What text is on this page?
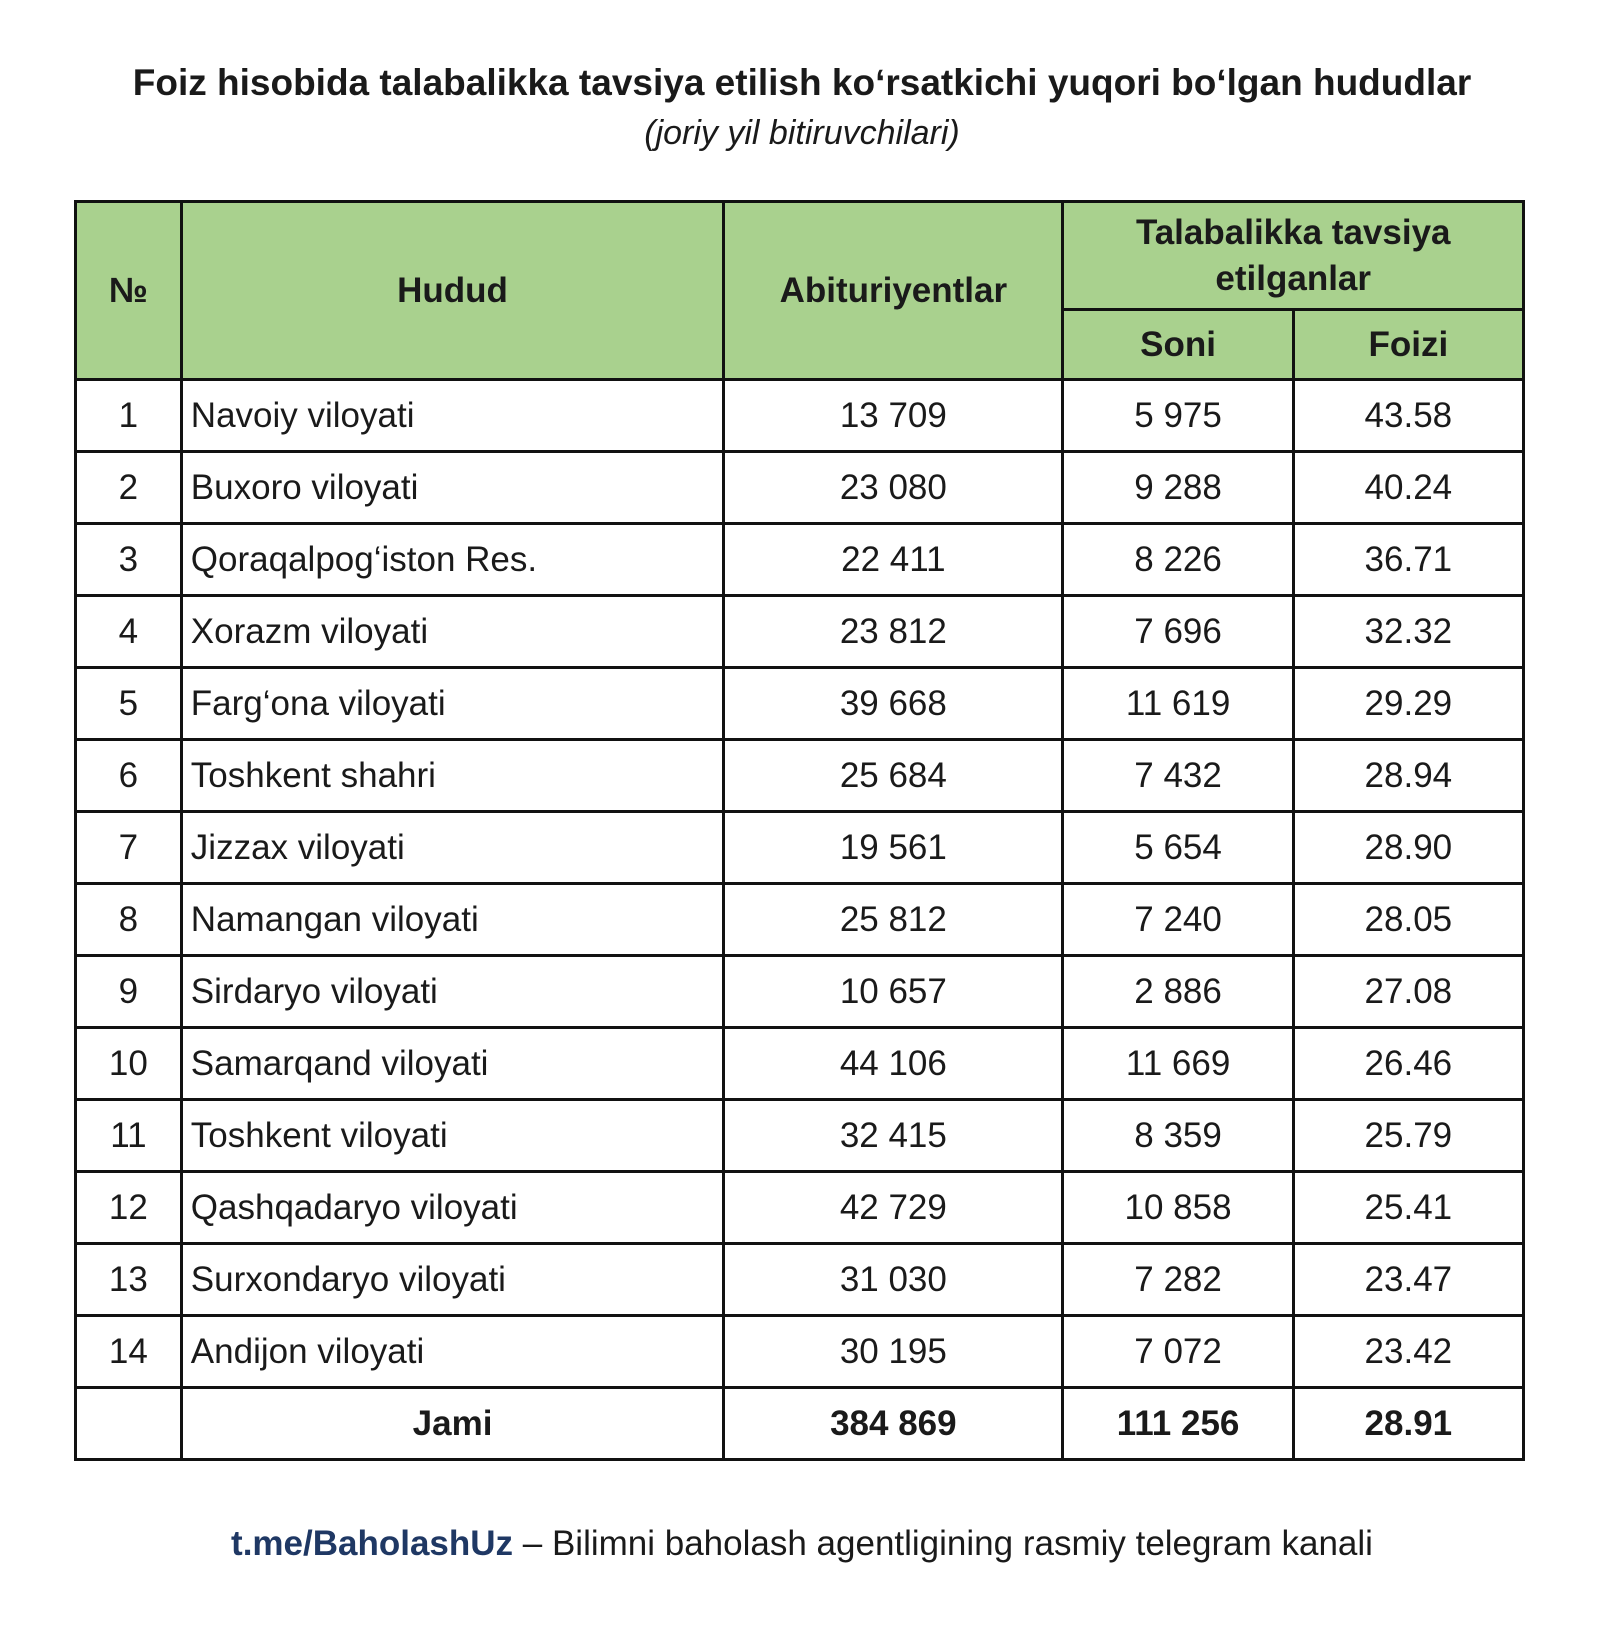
Foiz hisobida talabalikka tavsiya etilish ko‘rsatkichi yuqori bo‘lgan hududlar
(joriy yil bitiruvchilari)
№	Hudud	Abituriyentlar	Talabalikka tavsiya etilganlar	
			Soni	Foizi
1	Navoiy viloyati	13 709	5 975	43.58
2	Buxoro viloyati	23 080	9 288	40.24
3	Qoraqalpog‘iston Res.	22 411	8 226	36.71
4	Xorazm viloyati	23 812	7 696	32.32
5	Farg‘ona viloyati	39 668	11 619	29.29
6	Toshkent shahri	25 684	7 432	28.94
7	Jizzax viloyati	19 561	5 654	28.90
8	Namangan viloyati	25 812	7 240	28.05
9	Sirdaryo viloyati	10 657	2 886	27.08
10	Samarqand viloyati	44 106	11 669	26.46
11	Toshkent viloyati	32 415	8 359	25.79
12	Qashqadaryo viloyati	42 729	10 858	25.41
13	Surxondaryo viloyati	31 030	7 282	23.47
14	Andijon viloyati	30 195	7 072	23.42
	Jami	384 869	111 256	28.91
t.me/BaholashUz – Bilimni baholash agentligining rasmiy telegram kanali
